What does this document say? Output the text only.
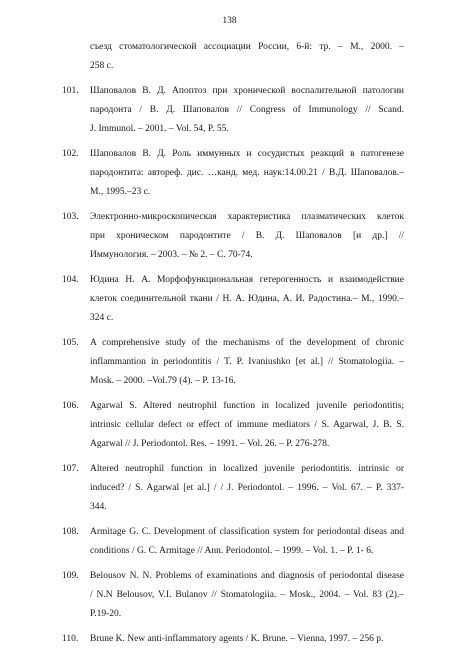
138
съезд стоматологической ассоциации России, 6-й: тр. – М., 2000. –
258 с.
101.	Шаповалов В. Д. Апоптоз при хронической воспалительной патологии
пародонта / В. Д. Шаповалов // Congress of Immunology // Scand.
J. Immunol. – 2001. – Vol. 54, P. 55.
102.	Шаповалов В. Д. Роль иммунных и сосудистых реакций в патогенезе
пародонтита: автореф. дис. …канд. мед. наук:14.00.21 / В.Д. Шаповалов.–
М., 1995.–23 с.
103.	Электронно-микроскопическая характеристика плазматических клеток
при хроническом пародонтите / В. Д. Шаповалов [и др.] //
Иммунология. – 2003. – № 2. – С. 70-74.
104.	Юдина Н. А. Морфофункциональная гетерогенность и взаимодействие
клеток соединительной ткани / Н. А. Юдина, А. И. Радостина.– М., 1990.–
324 с.
105.	A comprehensive study of the mechanisms of the development of chronic
inflammantion in periodontitis / T. P. Ivaniushko [et al.] // Stomatologiia. –
Mosk. – 2000. –Vol.79 (4). – P. 13-16.
106.	Agarwal S. Altered neutrophil function in localized juvenile periodontitis;
intrinsic cellular defect or effect of immune mediators / S. Agarwal, J. B. S.
Agarwal // J. Periodontol. Res. – 1991. – Vol. 26. – P. 276-278.
107.	Altered neutrophil function in localized juvenile periodontitis. intrinsic or
induced? / S. Agarwal [et al.] / / J. Periodontol. – 1996. – Vol. 67. – P. 337-
344.
108.	Armitage G. C. Development of classification system for periodontal diseas and
conditions / G. C. Armitage // Ann. Periodontol. – 1999. – Vol. 1. – P. 1- 6.
109.	Belousov N. N. Problems of examinations and diagnosis of periodontal disease
/ N.N Belousov, V.I. Bulanov // Stomatologiia. – Mosk., 2004. – Vol. 83 (2).–
P.19-20.
110.	Brune K. New anti-inflammatory agents / K. Brune. – Vienna, 1997. – 256 p.
